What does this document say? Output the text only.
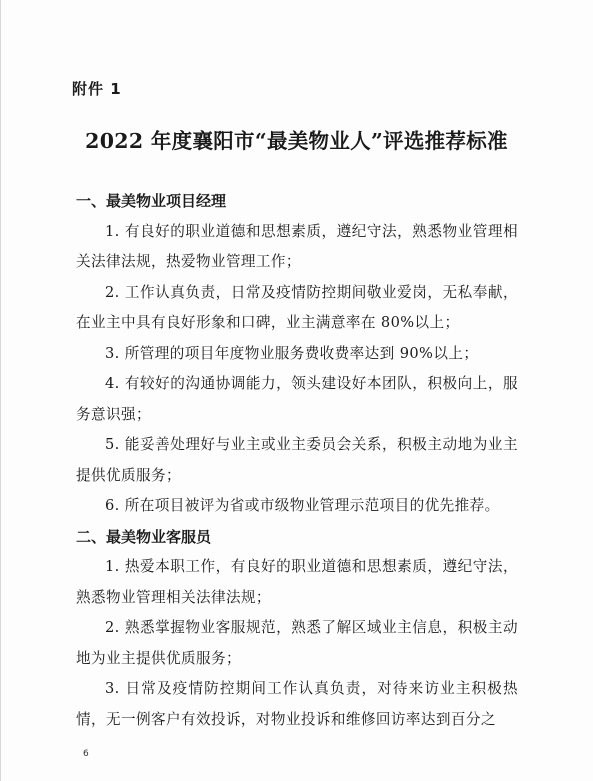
附件 1
2022 年度襄阳市“最美物业人”评选推荐标准
一、最美物业项目经理

1. 有良好的职业道德和思想素质，遵纪守法，熟悉物业管理相关法律法规，热爱物业管理工作；

2. 工作认真负责，日常及疫情防控期间敬业爱岗，无私奉献，在业主中具有良好形象和口碑，业主满意率在 80%以上；

3. 所管理的项目年度物业服务费收费率达到 90%以上；

4. 有较好的沟通协调能力，领头建设好本团队，积极向上，服务意识强；

5. 能妥善处理好与业主或业主委员会关系，积极主动地为业主提供优质服务；

6. 所在项目被评为省或市级物业管理示范项目的优先推荐。

二、最美物业客服员

1. 热爱本职工作，有良好的职业道德和思想素质，遵纪守法，熟悉物业管理相关法律法规；

2. 熟悉掌握物业客服规范，熟悉了解区域业主信息，积极主动地为业主提供优质服务；

3. 日常及疫情防控期间工作认真负责，对待来访业主积极热情，无一例客户有效投诉，对物业投诉和维修回访率达到百分之

6
